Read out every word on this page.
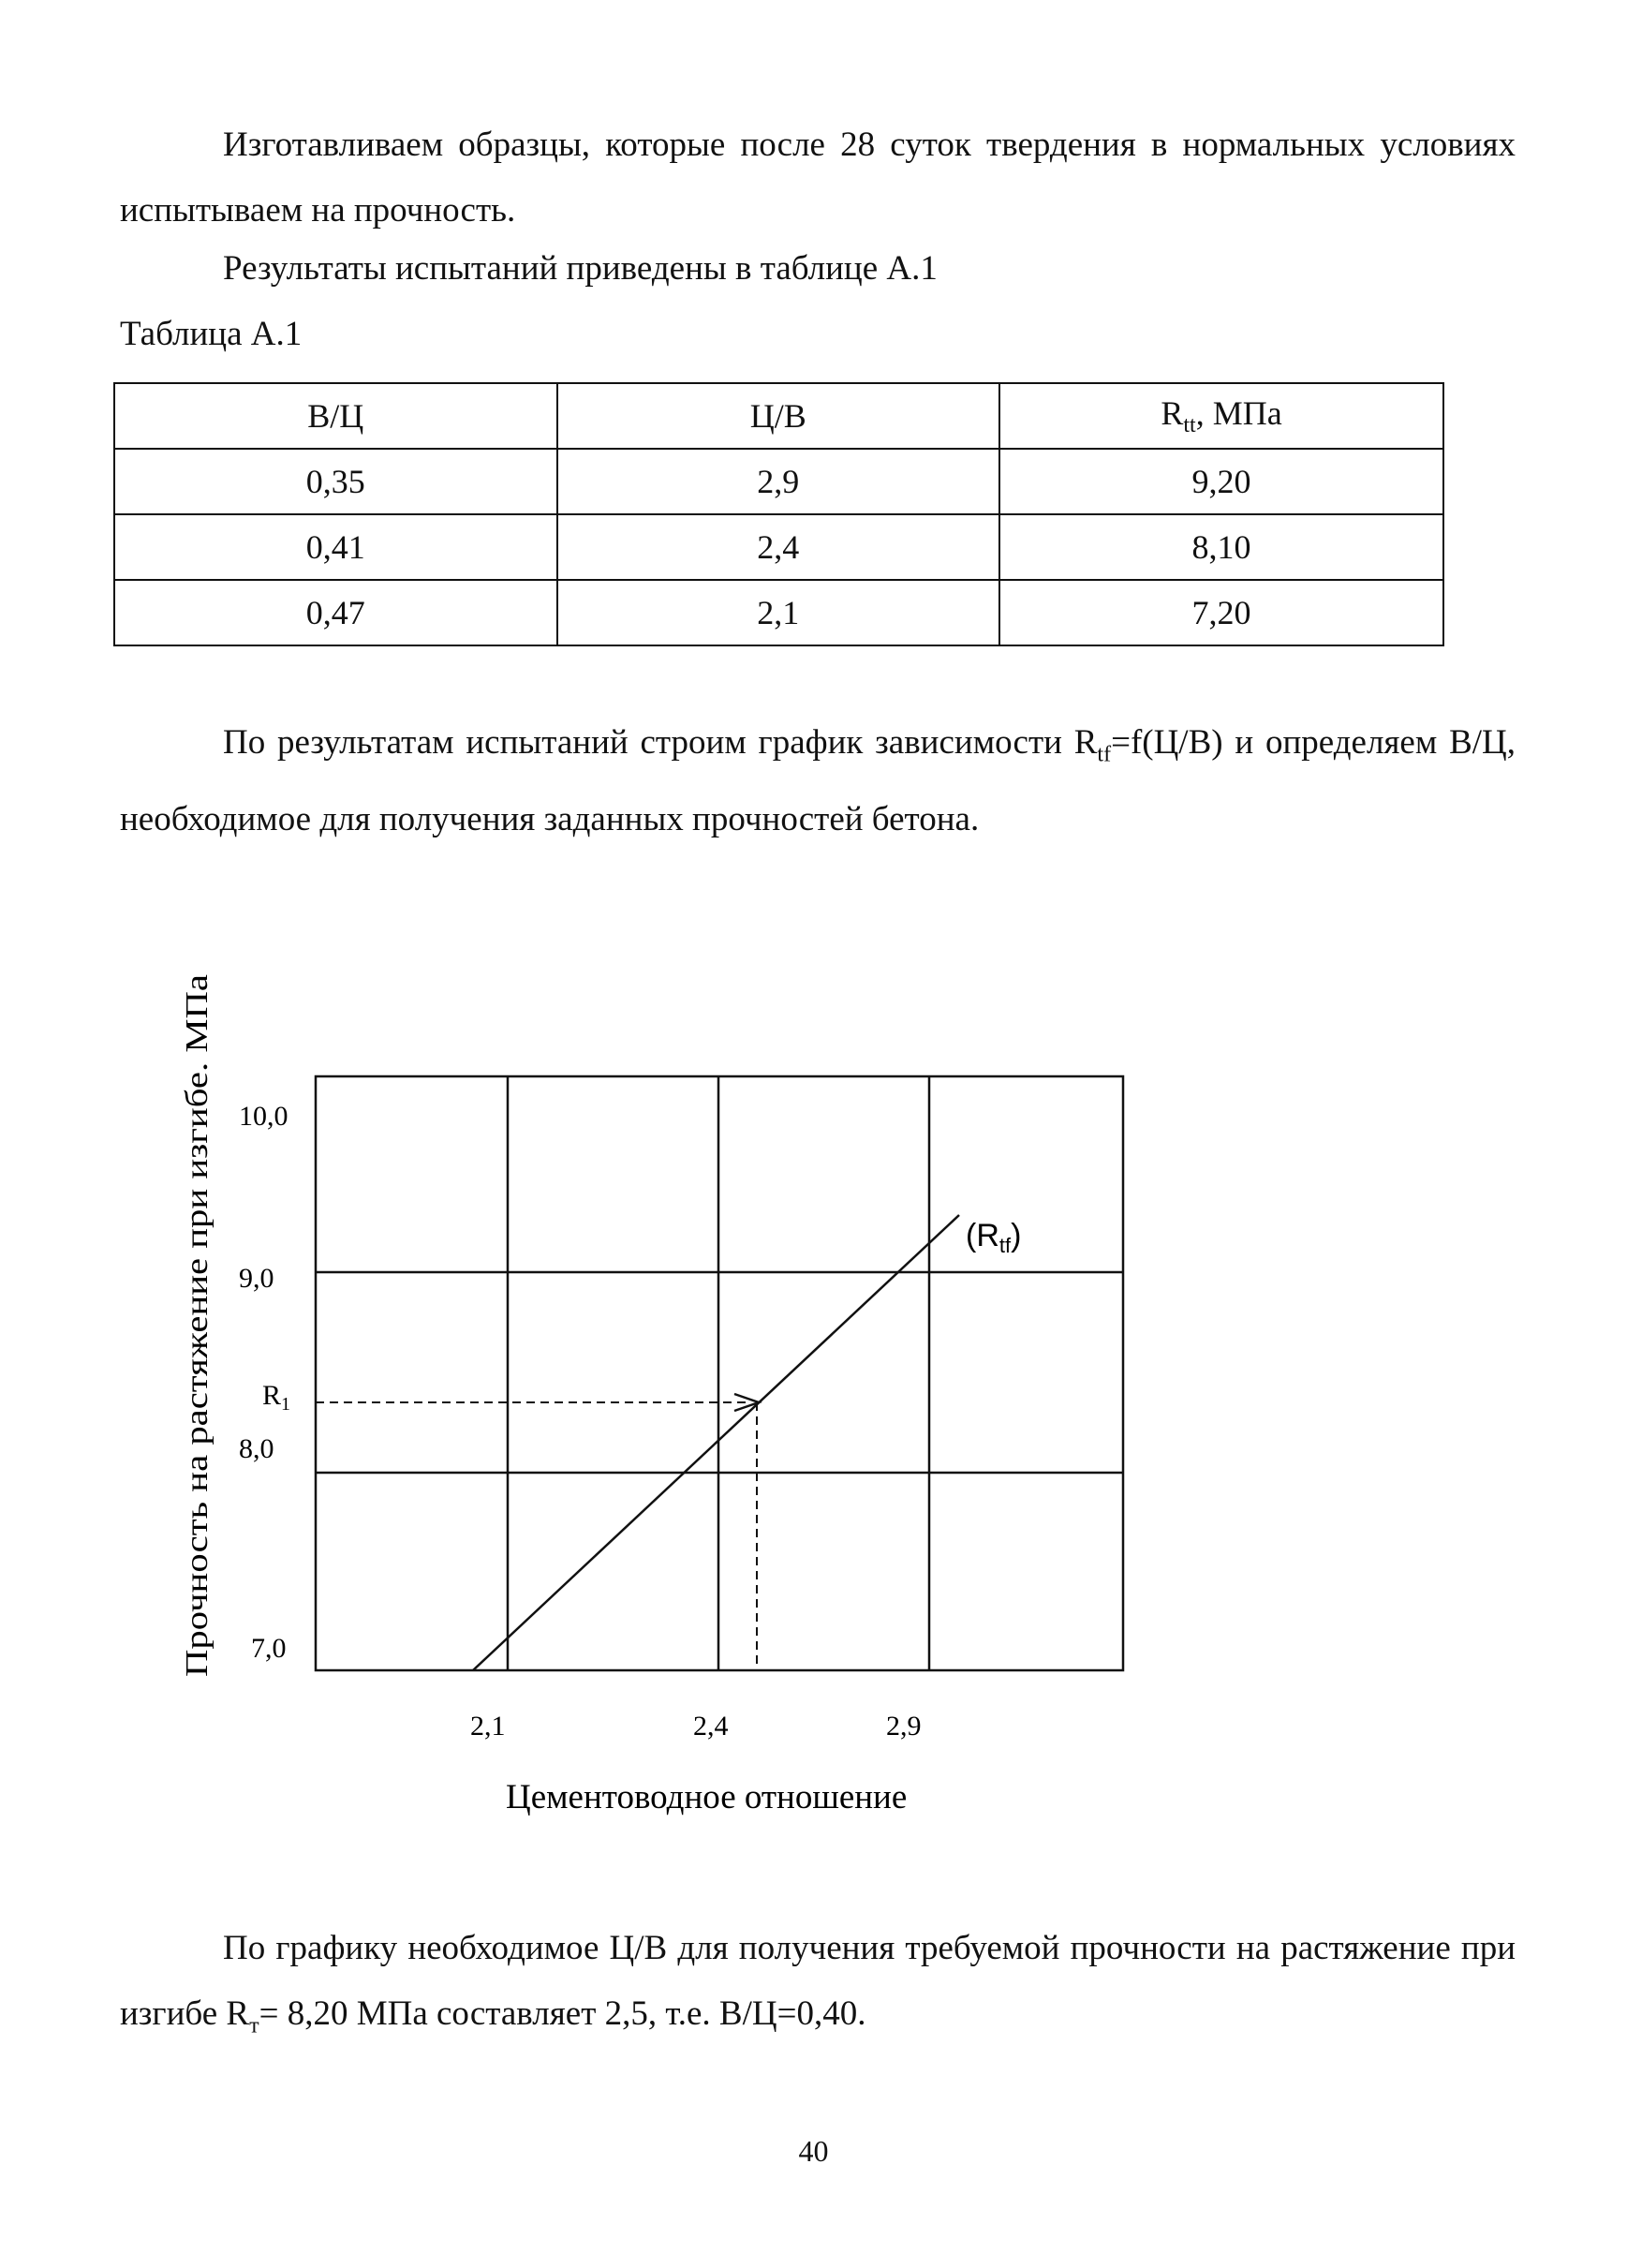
Изготавливаем образцы, которые после 28 суток твердения в нормальных условиях испытываем на прочность.

Результаты испытаний приведены в таблице А.1
Таблица А.1
В/Ц	Ц/В	$R_{tt}$, МПа
0,35	2,9	9,20
0,41	2,4	8,10
0,47	2,1	7,20

По результатам испытаний строим график зависимости $R_{tf}=f(Ц/В)$ и определяем В/Ц, необходимое для получения заданных прочностей бетона.

10,0
9,0
8,0
7,0
$R_1$
2,1	2,4	2,9
$(R_{tf})$
Прочность на растяжение при изгибе. МПа
Цементоводное отношение

По графику необходимое Ц/В для получения требуемой прочности на растяжение при изгибе $R_т= 8,20$ МПа составляет 2,5, т.е. В/Ц=0,40.

40
